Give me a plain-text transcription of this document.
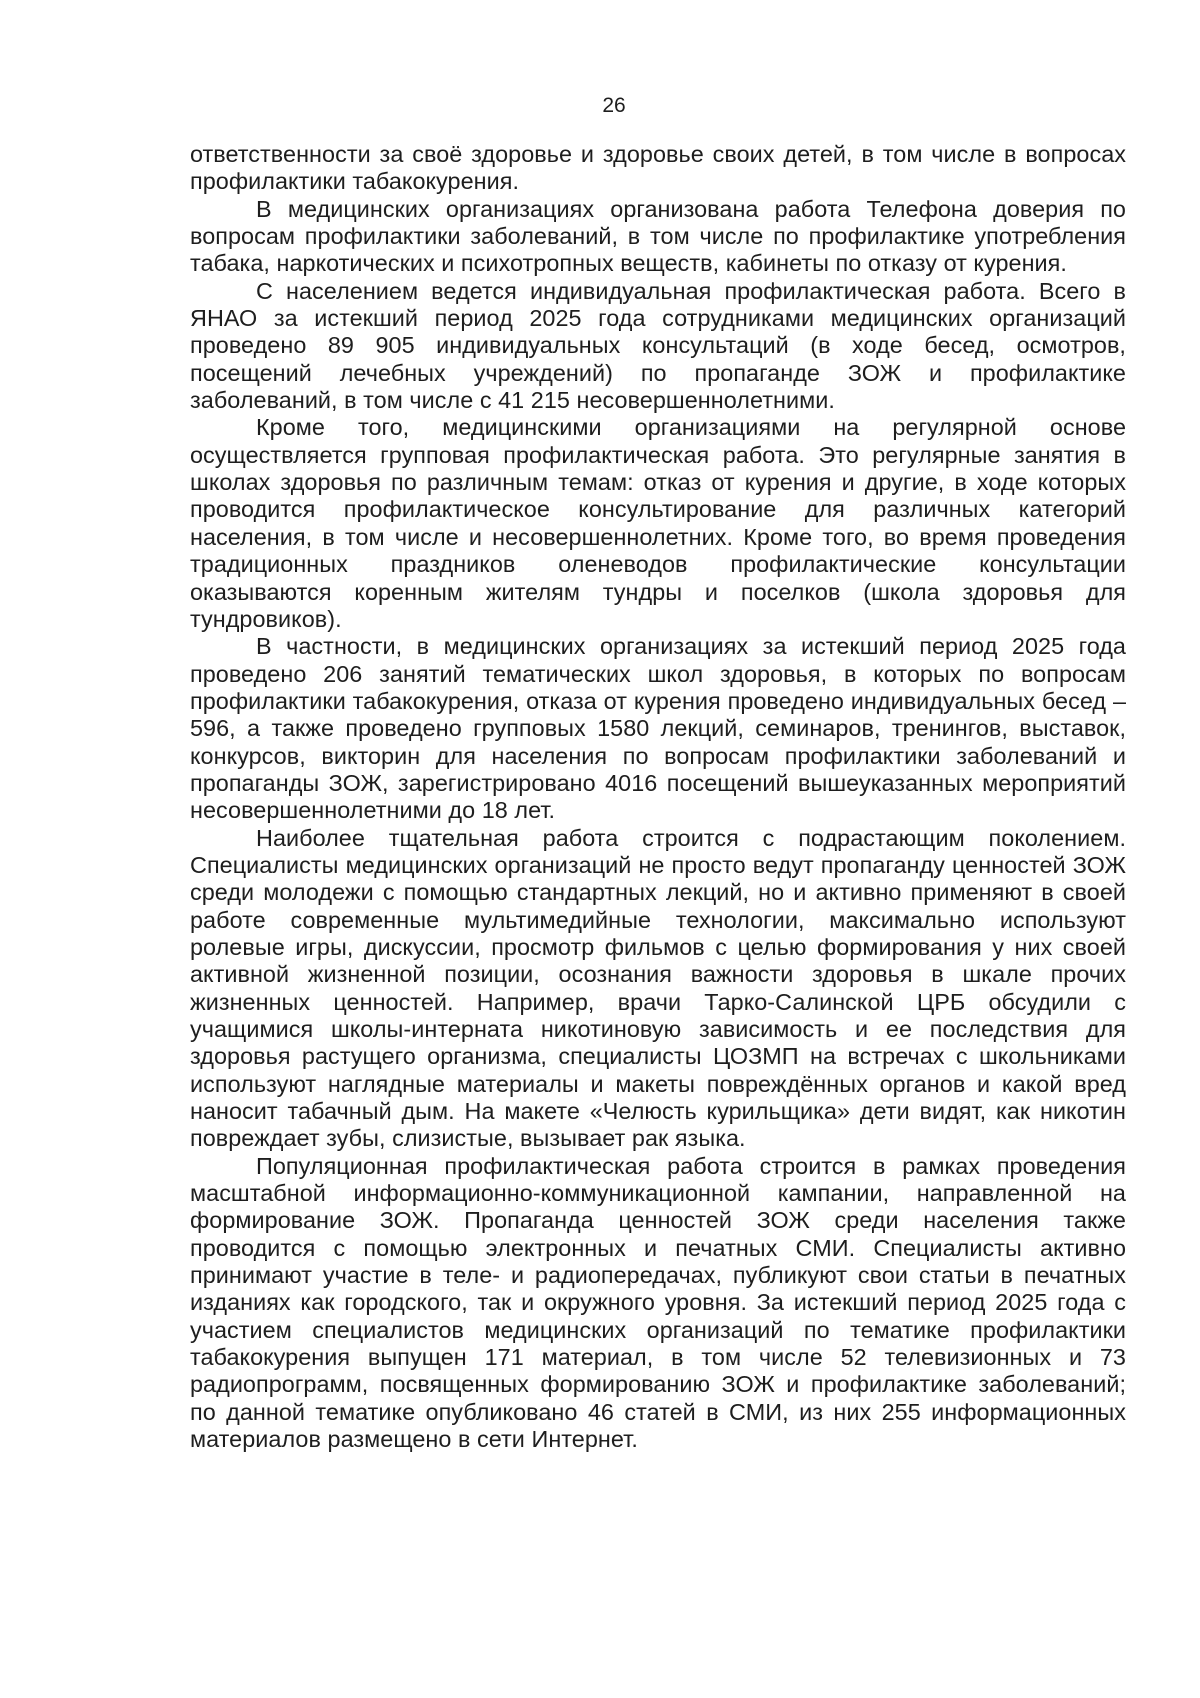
26

ответственности за своё здоровье и здоровье своих детей, в том числе в вопросах профилактики табакокурения.

В медицинских организациях организована работа Телефона доверия по вопросам профилактики заболеваний, в том числе по профилактике употребления табака, наркотических и психотропных веществ, кабинеты по отказу от курения.

С населением ведется индивидуальная профилактическая работа. Всего в ЯНАО за истекший период 2025 года сотрудниками медицинских организаций проведено 89 905 индивидуальных консультаций (в ходе бесед, осмотров, посещений лечебных учреждений) по пропаганде ЗОЖ и профилактике заболеваний, в том числе с 41 215 несовершеннолетними.

Кроме того, медицинскими организациями на регулярной основе осуществляется групповая профилактическая работа. Это регулярные занятия в школах здоровья по различным темам: отказ от курения и другие, в ходе которых проводится профилактическое консультирование для различных категорий населения, в том числе и несовершеннолетних. Кроме того, во время проведения традиционных праздников оленеводов профилактические консультации оказываются коренным жителям тундры и поселков (школа здоровья для тундровиков).

В частности, в медицинских организациях за истекший период 2025 года проведено 206 занятий тематических школ здоровья, в которых по вопросам профилактики табакокурения, отказа от курения проведено индивидуальных бесед – 596, а также проведено групповых 1580 лекций, семинаров, тренингов, выставок, конкурсов, викторин для населения по вопросам профилактики заболеваний и пропаганды ЗОЖ, зарегистрировано 4016 посещений вышеуказанных мероприятий несовершеннолетними до 18 лет.

Наиболее тщательная работа строится с подрастающим поколением. Специалисты медицинских организаций не просто ведут пропаганду ценностей ЗОЖ среди молодежи с помощью стандартных лекций, но и активно применяют в своей работе современные мультимедийные технологии, максимально используют ролевые игры, дискуссии, просмотр фильмов с целью формирования у них своей активной жизненной позиции, осознания важности здоровья в шкале прочих жизненных ценностей. Например, врачи Тарко-Салинской ЦРБ обсудили с учащимися школы-интерната никотиновую зависимость и ее последствия для здоровья растущего организма, специалисты ЦОЗМП на встречах с школьниками используют наглядные материалы и макеты повреждённых органов и какой вред наносит табачный дым. На макете «Челюсть курильщика» дети видят, как никотин повреждает зубы, слизистые, вызывает рак языка.

Популяционная профилактическая работа строится в рамках проведения масштабной информационно-коммуникационной кампании, направленной на формирование ЗОЖ. Пропаганда ценностей ЗОЖ среди населения также проводится с помощью электронных и печатных СМИ. Специалисты активно принимают участие в теле- и радиопередачах, публикуют свои статьи в печатных изданиях как городского, так и окружного уровня. За истекший период 2025 года с участием специалистов медицинских организаций по тематике профилактики табакокурения выпущен 171 материал, в том числе 52 телевизионных и 73 радиопрограмм, посвященных формированию ЗОЖ и профилактике заболеваний; по данной тематике опубликовано 46 статей в СМИ, из них 255 информационных материалов размещено в сети Интернет.
